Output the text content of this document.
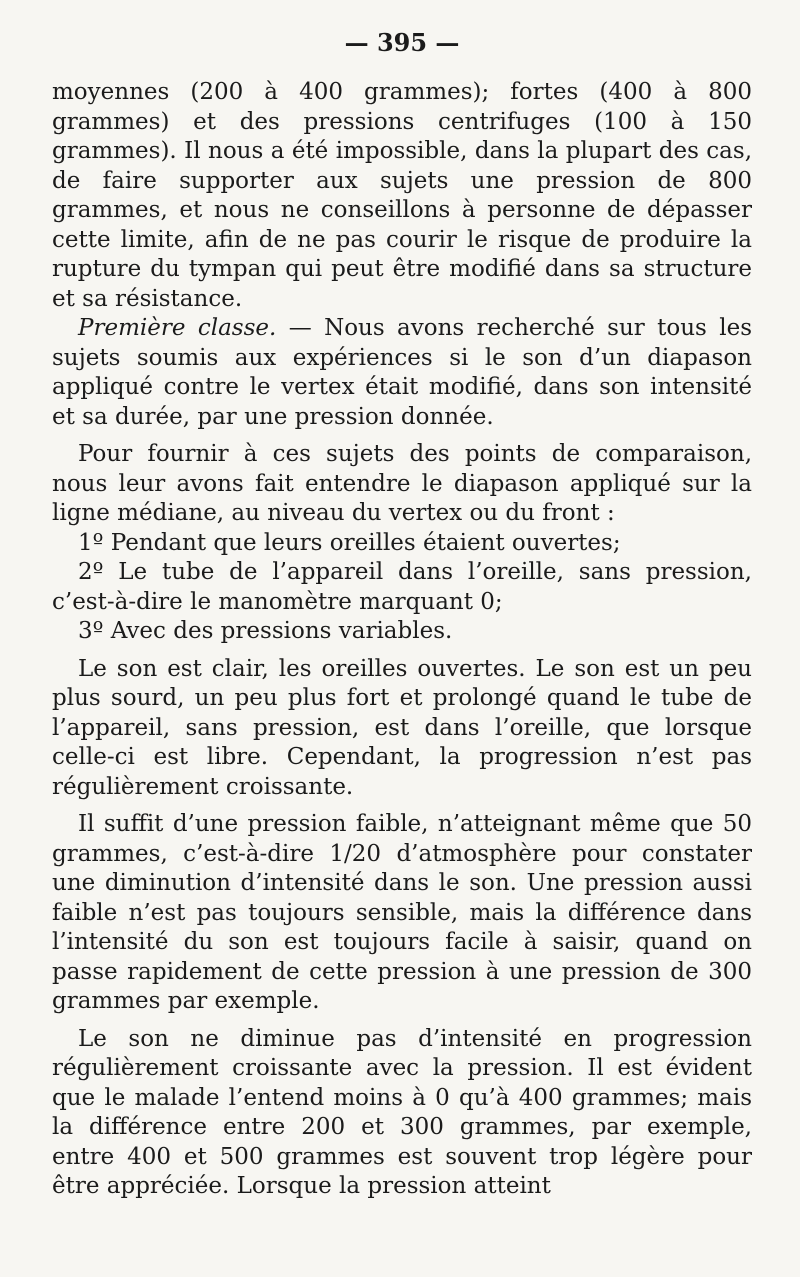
— 395 —

moyennes (200 à 400 grammes); fortes (400 à 800 grammes) et des pressions centrifuges (100 à 150 grammes). Il nous a été impossible, dans la plupart des cas, de faire supporter aux sujets une pression de 800 grammes, et nous ne conseillons à personne de dépasser cette limite, afin de ne pas courir le risque de produire la rupture du tympan qui peut être modifié dans sa structure et sa résistance.

Première classe. — Nous avons recherché sur tous les sujets soumis aux expériences si le son d’un diapason appliqué contre le vertex était modifié, dans son intensité et sa durée, par une pression donnée.

Pour fournir à ces sujets des points de comparaison, nous leur avons fait entendre le diapason appliqué sur la ligne médiane, au niveau du vertex ou du front :

1º Pendant que leurs oreilles étaient ouvertes;

2º Le tube de l’appareil dans l’oreille, sans pression, c’est-à-dire le manomètre marquant 0;

3º Avec des pressions variables.

Le son est clair, les oreilles ouvertes. Le son est un peu plus sourd, un peu plus fort et prolongé quand le tube de l’appareil, sans pression, est dans l’oreille, que lorsque celle-ci est libre. Cependant, la progression n’est pas régulièrement croissante.

Il suffit d’une pression faible, n’atteignant même que 50 grammes, c’est-à-dire 1/20 d’atmosphère pour constater une diminution d’intensité dans le son. Une pression aussi faible n’est pas toujours sensible, mais la différence dans l’intensité du son est toujours facile à saisir, quand on passe rapidement de cette pression à une pression de 300 grammes par exemple.

Le son ne diminue pas d’intensité en progression régulièrement croissante avec la pression. Il est évident que le malade l’entend moins à 0 qu’à 400 grammes; mais la différence entre 200 et 300 grammes, par exemple, entre 400 et 500 grammes est souvent trop légère pour être appréciée. Lorsque la pression atteint
